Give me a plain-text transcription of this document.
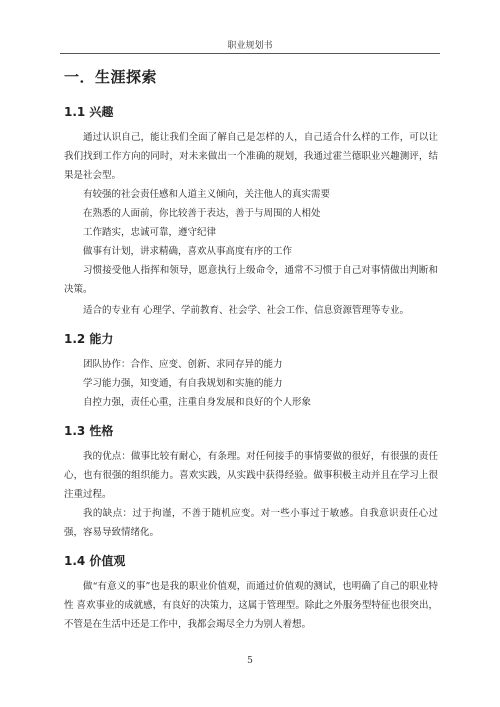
职业规划书
一．生涯探索
1.1 兴趣

通过认识自己，能让我们全面了解自己是怎样的人，自己适合什么样的工作，可以让我们找到工作方向的同时，对未来做出一个准确的规划，我通过霍兰德职业兴趣测评，结果是社会型。

有较强的社会责任感和人道主义倾向，关注他人的真实需要

在熟悉的人面前，你比较善于表达，善于与周围的人相处

工作踏实，忠诚可靠，遵守纪律

做事有计划，讲求精确，喜欢从事高度有序的工作

习惯接受他人指挥和领导，愿意执行上级命令，通常不习惯于自己对事情做出判断和决策。

适合的专业有 心理学、学前教育、社会学、社会工作、信息资源管理等专业。

1.2 能力

团队协作：合作、应变、创新、求同存异的能力

学习能力强，知变通，有自我规划和实施的能力

自控力强，责任心重，注重自身发展和良好的个人形象

1.3 性格

我的优点：做事比较有耐心，有条理。对任何接手的事情要做的很好，有很强的责任心，也有很强的组织能力。喜欢实践，从实践中获得经验。做事积极主动并且在学习上很注重过程。

我的缺点：过于拘谨，不善于随机应变。对一些小事过于敏感。自我意识责任心过强，容易导致情绪化。

1.4 价值观

做“有意义的事”也是我的职业价值观，而通过价值观的测试，也明确了自己的职业特性 喜欢事业的成就感，有良好的决策力，这属于管理型。除此之外服务型特征也很突出，不管是在生活中还是工作中，我都会竭尽全力为别人着想。

5
